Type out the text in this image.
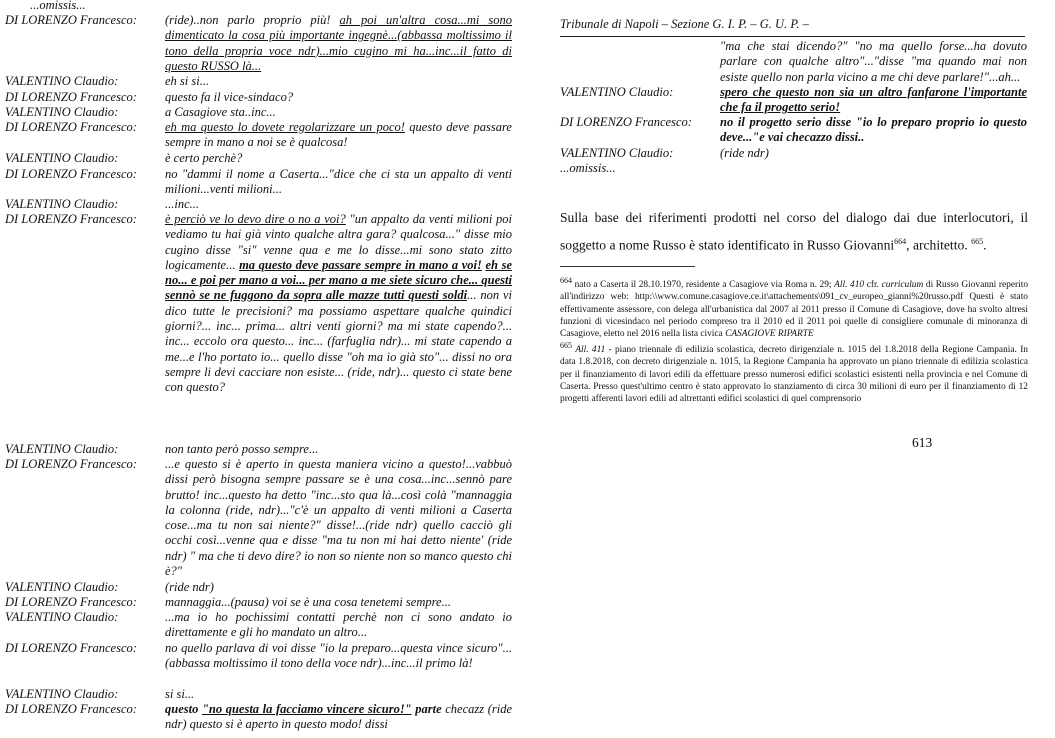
...omissis...
DI LORENZO Francesco: (ride)..non parlo proprio più! ah poi un'altra cosa...mi sono dimenticato la cosa più importante ingegnè...(abbassa moltissimo il tono della propria voce ndr)...mio cugino mi ha...inc...il fatto di questo RUSSO là...
VALENTINO Claudio:	eh si si...
DI LORENZO Francesco: questo fa il vice-sindaco?
VALENTINO Claudio:	a Casagiove sta..inc...
DI LORENZO Francesco: eh ma questo lo dovete regolarizzare un poco! questo deve passare sempre in mano a noi se è qualcosa!
VALENTINO Claudio:	è certo perchè?
DI LORENZO Francesco: no "dammi il nome a Caserta..."dice che ci sta un appalto di venti milioni...venti milioni...
VALENTINO Claudio:	...inc...
DI LORENZO Francesco: è perciò ve lo devo dire o no a voi? "un appalto da venti milioni poi vediamo tu hai già vinto qualche altra gara? qualcosa..." disse mio cugino disse "si" venne qua e me lo disse...mi sono stato zitto logicamente... ma questo deve passare sempre in mano a voi! eh se no... e poi per mano a voi... per mano a me siete sicuro che... questi sennò se ne fuggono da sopra alle mazze tutti questi soldi... non vi dico tutte le precisioni? ma possiamo aspettare qualche quindici giorni?... inc... prima... altri venti giorni? ma mi state capendo?... inc... eccolo ora questo... inc... (farfuglia ndr)... mi state capendo a me...e l'ho portato io... quello disse "oh ma io già sto"... dissi no ora sempre li devi cacciare non esiste... (ride, ndr)... questo ci state bene con questo?
VALENTINO Claudio:	non tanto però posso sempre...
DI LORENZO Francesco: ...e questo si è aperto in questa maniera vicino a questo!...vabbuò dissi però bisogna sempre passare se è una cosa...inc...sennò pare brutto! inc...questo ha detto "inc...sto qua là...così colà "mannaggia la colonna (ride, ndr)..."c'è un appalto di venti milioni a Caserta cose...ma tu non sai niente?" disse!...(ride ndr) quello cacciò gli occhi così...venne qua e disse "ma tu non mi hai detto niente' (ride ndr) " ma che ti devo dire? io non so niente non so manco questo chi è?"
VALENTINO Claudio:	(ride ndr)
DI LORENZO Francesco: mannaggia...(pausa) voi se è una cosa tenetemi sempre...
VALENTINO Claudio:	...ma io ho pochissimi contatti perchè non ci sono andato io direttamente e gli ho mandato un altro...
DI LORENZO Francesco: no quello parlava di voi disse "io la preparo...questa vince sicuro"...(abbassa moltissimo il tono della voce ndr)...inc...il primo là!
VALENTINO Claudio:	si si...
DI LORENZO Francesco: questo "no questa la facciamo vincere sicuro!" parte checazz (ride ndr) questo si è aperto in questo modo! dissi
Tribunale di Napoli – Sezione G. I. P. – G. U. P. –
"ma che stai dicendo?" "no ma quello forse...ha dovuto parlare con qualche altro"..."disse "ma quando mai non esiste quello non parla vicino a me chi deve parlare!"...ah...
VALENTINO Claudio:	spero che questo non sia un altro fanfarone l'importante che fa il progetto serio!
DI LORENZO Francesco: no il progetto serio disse "io lo preparo proprio io questo deve..."e vai checazzo dissi..
VALENTINO Claudio:	(ride ndr)
...omissis...
Sulla base dei riferimenti prodotti nel corso del dialogo dai due interlocutori, il soggetto a nome Russo è stato identificato in Russo Giovanni$^{664}$, architetto. $^{665}$.

$^{664}$ nato a Caserta il 28.10.1970, residente a Casagiove via Roma n. 29; All. 410 cfr. curriculum di Russo Giovanni reperito all'indirizzo web: http:\\www.comune.casagiove.ce.it\attachements\091_cv_europeo_gianni%20russo.pdf Questi è stato effettivamente assessore, con delega all'urbanistica dal 2007 al 2011 presso il Comune di Casagiove, dove ha svolto altresì funzioni di vicesindaco nel periodo compreso tra il 2010 ed il 2011 poi quelle di consigliere comunale di minoranza di Casagiove, eletto nel 2016 nella lista civica CASAGIOVE RIPARTE

$^{665}$ All. 411 - piano triennale di edilizia scolastica, decreto dirigenziale n. 1015 del 1.8.2018 della Regione Campania. In data 1.8.2018, con decreto dirigenziale n. 1015, la Regione Campania ha approvato un piano triennale di edilizia scolastica per il finanziamento di lavori edili da effettuare presso numerosi edifici scolastici esistenti nella provincia e nel Comune di Caserta. Presso quest'ultimo centro è stato approvato lo stanziamento di circa 30 milioni di euro per il finanziamento di 12 progetti afferenti lavori edili ad altrettanti edifici scolastici di quel comprensorio

613
